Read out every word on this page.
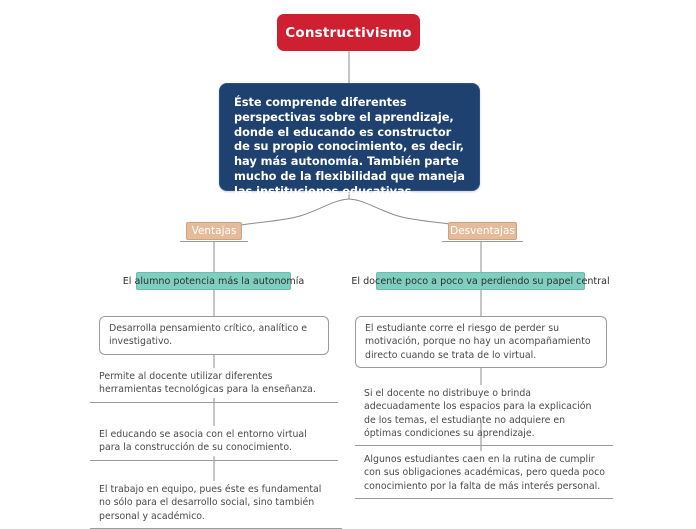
Constructivismo
Éste comprende diferentes perspectivas sobre el aprendizaje, donde el educando es constructor de su propio conocimiento, es decir, hay más autonomía. También parte mucho de la flexibilidad que maneja las instituciones educativas.
Ventajas	Desventajas
El alumno potencia más la autonomía	El docente poco a poco va perdiendo su papel central
Desarrolla pensamiento crítico, analítico e investigativo.
Permite al docente utilizar diferentes herramientas tecnológicas para la enseñanza.
El educando se asocia con el entorno virtual para la construcción de su conocimiento.
El trabajo en equipo, pues éste es fundamental no sólo para el desarrollo social, sino también personal y académico.
El estudiante corre el riesgo de perder su motivación, porque no hay un acompañamiento directo cuando se trata de lo virtual.
Si el docente no distribuye o brinda adecuadamente los espacios para la explicación de los temas, el estudiante no adquiere en óptimas condiciones su aprendizaje.
Algunos estudiantes caen en la rutina de cumplir con sus obligaciones académicas, pero queda poco conocimiento por la falta de más interés personal.
